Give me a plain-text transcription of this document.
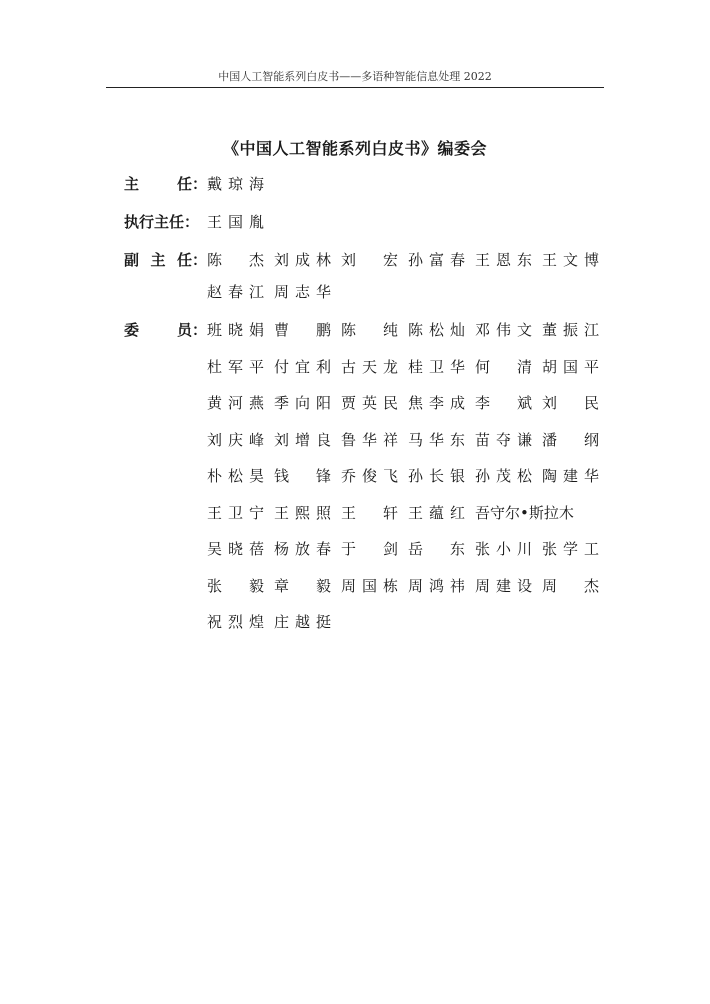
中国人工智能系列白皮书——多语种智能信息处理 2022
《中国人工智能系列白皮书》编委会
主任： 戴琼海
执行主任： 王国胤
副主任： 陈　杰 刘成林 刘　宏 孙富春 王恩东 王文博
赵春江 周志华
委员： 班晓娟 曹　鹏 陈　纯 陈松灿 邓伟文 董振江
杜军平 付宜利 古天龙 桂卫华 何　清 胡国平
黄河燕 季向阳 贾英民 焦李成 李　斌 刘　民
刘庆峰 刘增良 鲁华祥 马华东 苗夺谦 潘　纲
朴松昊 钱　锋 乔俊飞 孙长银 孙茂松 陶建华
王卫宁 王熙照 王　轩 王蕴红 吾守尔•斯拉木
吴晓蓓 杨放春 于　剑 岳　东 张小川 张学工
张　毅 章　毅 周国栋 周鸿祎 周建设 周　杰
祝烈煌 庄越挺
